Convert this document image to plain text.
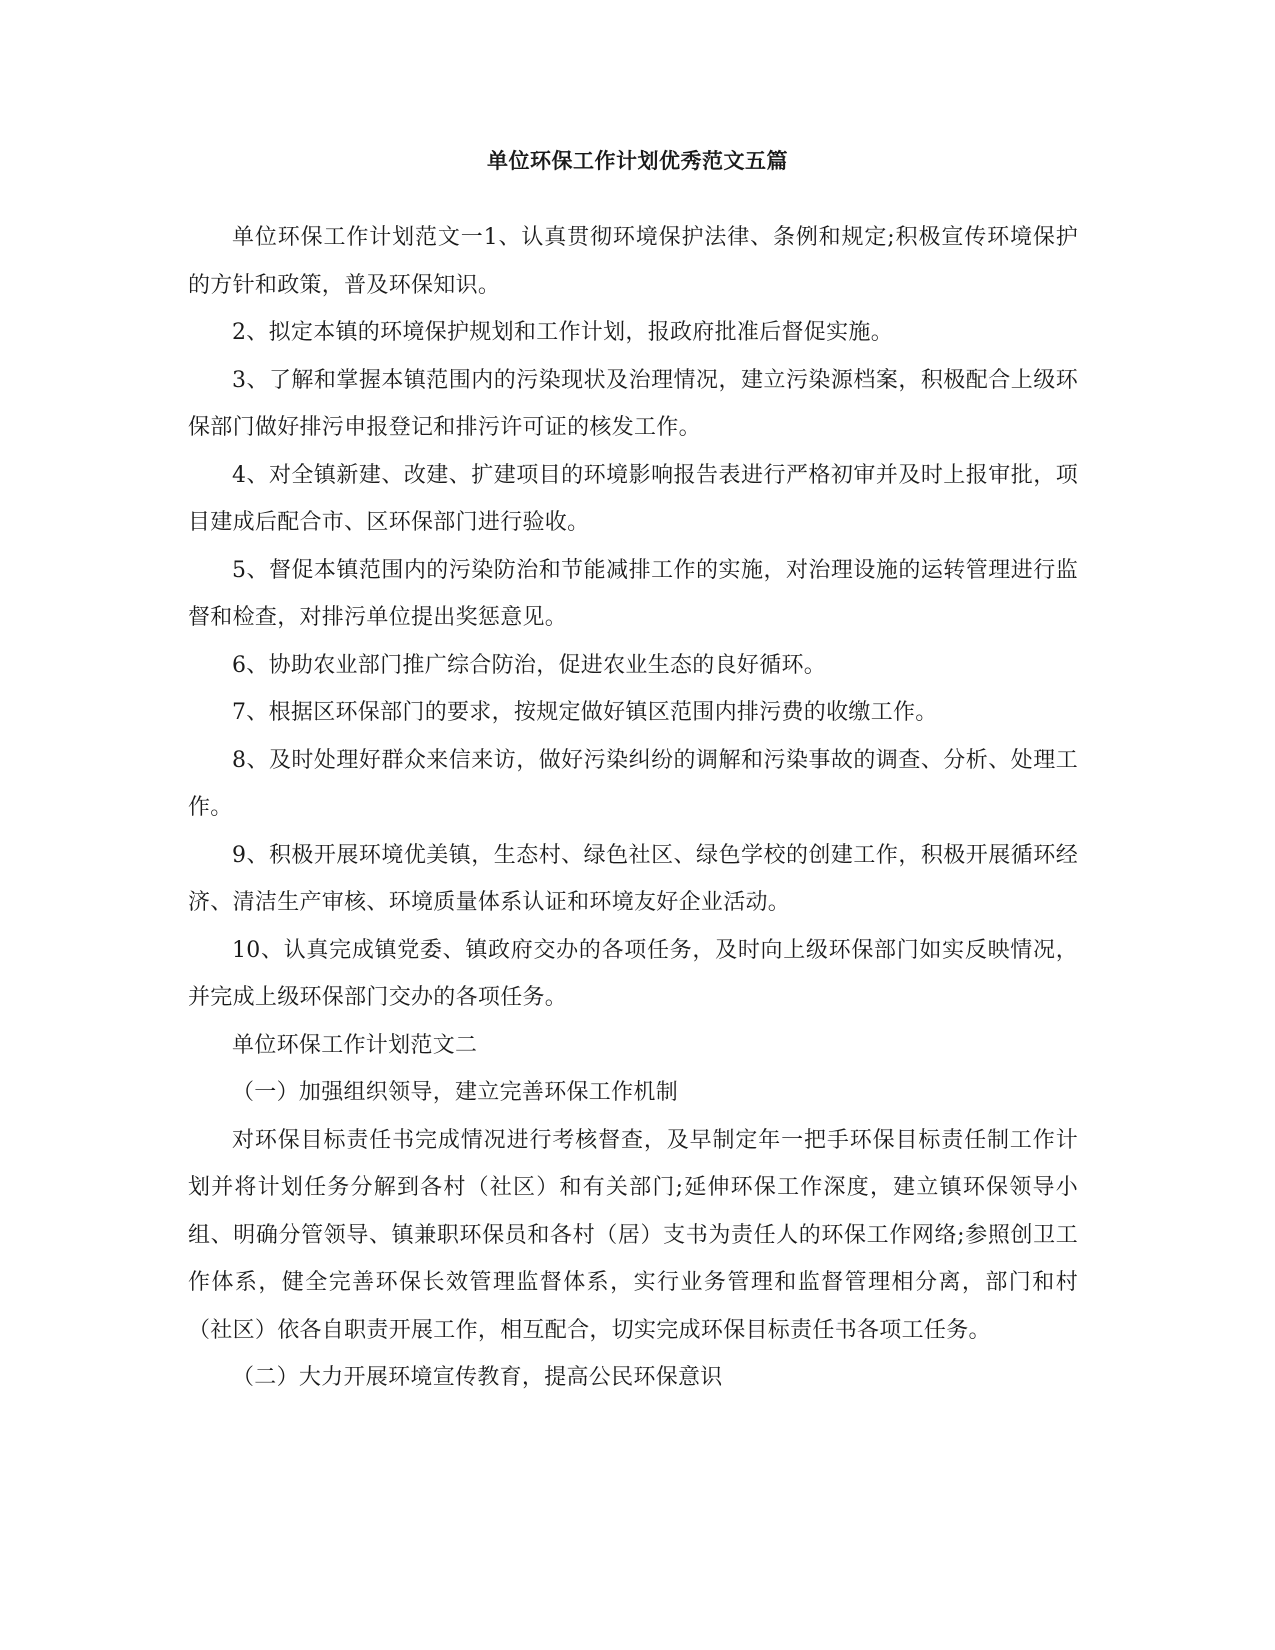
单位环保工作计划优秀范文五篇

单位环保工作计划范文一1、认真贯彻环境保护法律、条例和规定;积极宣传环境保护的方针和政策，普及环保知识。

2、拟定本镇的环境保护规划和工作计划，报政府批准后督促实施。

3、了解和掌握本镇范围内的污染现状及治理情况，建立污染源档案，积极配合上级环保部门做好排污申报登记和排污许可证的核发工作。

4、对全镇新建、改建、扩建项目的环境影响报告表进行严格初审并及时上报审批，项目建成后配合市、区环保部门进行验收。

5、督促本镇范围内的污染防治和节能减排工作的实施，对治理设施的运转管理进行监督和检查，对排污单位提出奖惩意见。

6、协助农业部门推广综合防治，促进农业生态的良好循环。

7、根据区环保部门的要求，按规定做好镇区范围内排污费的收缴工作。

8、及时处理好群众来信来访，做好污染纠纷的调解和污染事故的调查、分析、处理工作。

9、积极开展环境优美镇，生态村、绿色社区、绿色学校的创建工作，积极开展循环经济、清洁生产审核、环境质量体系认证和环境友好企业活动。

10、认真完成镇党委、镇政府交办的各项任务，及时向上级环保部门如实反映情况，并完成上级环保部门交办的各项任务。

单位环保工作计划范文二

（一）加强组织领导，建立完善环保工作机制

对环保目标责任书完成情况进行考核督查，及早制定年一把手环保目标责任制工作计划并将计划任务分解到各村（社区）和有关部门;延伸环保工作深度，建立镇环保领导小组、明确分管领导、镇兼职环保员和各村（居）支书为责任人的环保工作网络;参照创卫工作体系，健全完善环保长效管理监督体系，实行业务管理和监督管理相分离，部门和村（社区）依各自职责开展工作，相互配合，切实完成环保目标责任书各项工任务。

（二）大力开展环境宣传教育，提高公民环保意识
